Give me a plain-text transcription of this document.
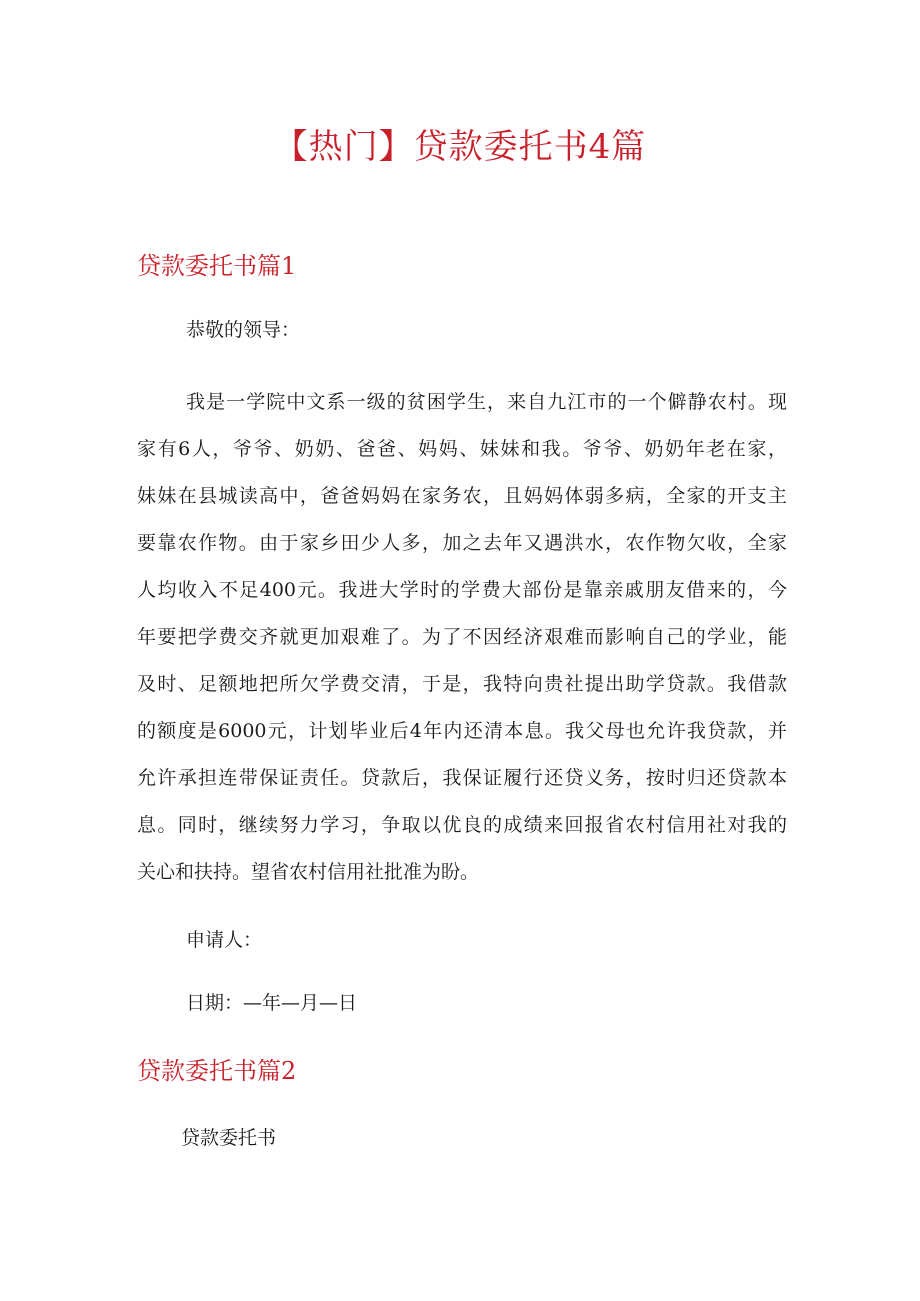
【热门】贷款委托书4篇
贷款委托书篇1

恭敬的领导：

我是一学院中文系一级的贫困学生，来自九江市的一个僻静农村。现
家有6人，爷爷、奶奶、爸爸、妈妈、妹妹和我。爷爷、奶奶年老在家，
妹妹在县城读高中，爸爸妈妈在家务农，且妈妈体弱多病，全家的开支主
要靠农作物。由于家乡田少人多，加之去年又遇洪水，农作物欠收，全家
人均收入不足400元。我进大学时的学费大部份是靠亲戚朋友借来的，今
年要把学费交齐就更加艰难了。为了不因经济艰难而影响自己的学业，能
及时、足额地把所欠学费交清，于是，我特向贵社提出助学贷款。我借款
的额度是6000元，计划毕业后4年内还清本息。我父母也允许我贷款，并
允许承担连带保证责任。贷款后，我保证履行还贷义务，按时归还贷款本
息。同时，继续努力学习，争取以优良的成绩来回报省农村信用社对我的
关心和扶持。望省农村信用社批准为盼。

申请人：

日期：—年—月—日

贷款委托书篇2

贷款委托书
